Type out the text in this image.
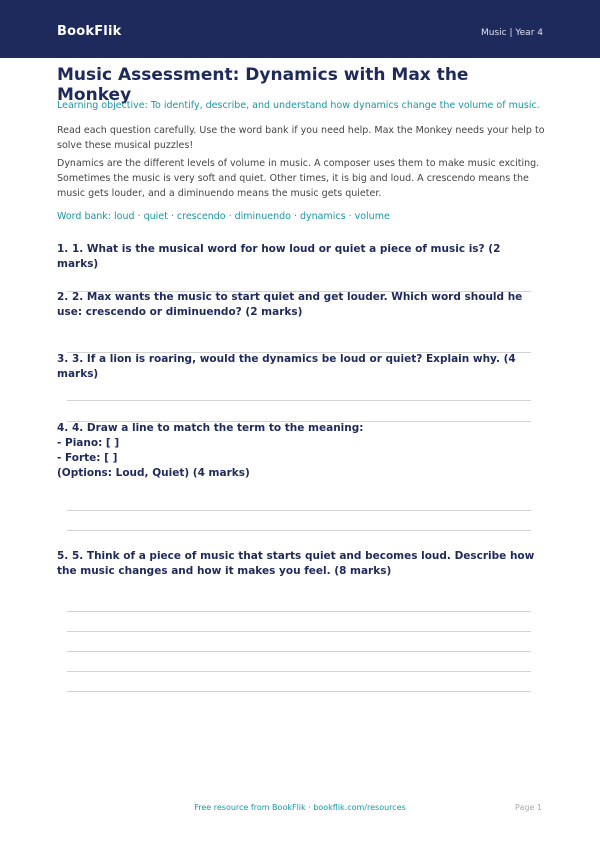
BookFlik	Music | Year 4
Music Assessment: Dynamics with Max the Monkey
Learning objective: To identify, describe, and understand how dynamics change the volume of music.

Read each question carefully. Use the word bank if you need help. Max the Monkey needs your help to solve these musical puzzles!

Dynamics are the different levels of volume in music. A composer uses them to make music exciting. Sometimes the music is very soft and quiet. Other times, it is big and loud. A crescendo means the music gets louder, and a diminuendo means the music gets quieter.

Word bank: loud · quiet · crescendo · diminuendo · dynamics · volume

1. 1. What is the musical word for how loud or quiet a piece of music is? (2 marks)

2. 2. Max wants the music to start quiet and get louder. Which word should he use: crescendo or diminuendo? (2 marks)

3. 3. If a lion is roaring, would the dynamics be loud or quiet? Explain why. (4 marks)

4. 4. Draw a line to match the term to the meaning:
- Piano: [ ]
- Forte: [ ]
(Options: Loud, Quiet) (4 marks)

5. 5. Think of a piece of music that starts quiet and becomes loud. Describe how the music changes and how it makes you feel. (8 marks)

Free resource from BookFlik · bookflik.com/resources	Page 1
